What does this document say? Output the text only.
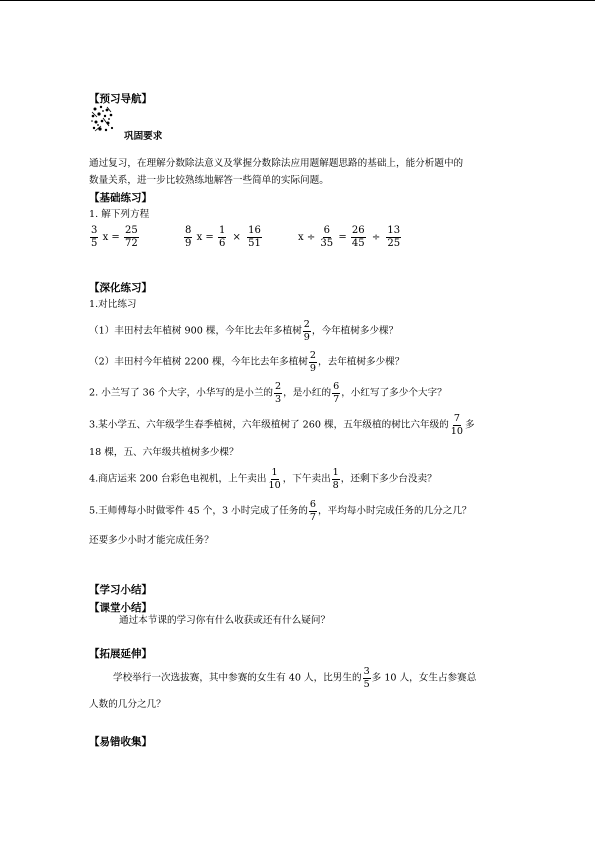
【预习导航】
巩固要求
通过复习，在理解分数除法意义及掌握分数除法应用题解题思路的基础上，能分析题中的
数量关系，进一步比较熟练地解答一些简单的实际问题。
【基础练习】
1. 解下列方程
$\frac{3}{5}$ $x = \frac{25}{72}$	$\frac{8}{9}$ $x = \frac{1}{6} \times \frac{16}{51}$	$x \div \frac{6}{35} = \frac{26}{45} \div \frac{13}{25}$
【深化练习】
1.对比练习
（1）丰田村去年植树 900 棵，今年比去年多植树 $\frac{2}{9}$ ，今年植树多少棵？
（2）丰田村今年植树 2200 棵，今年比去年多植树 $\frac{2}{9}$ ，去年植树多少棵？
2. 小兰写了 36 个大字，小华写的是小兰的 $\frac{2}{3}$ ，是小红的 $\frac{6}{7}$ ，小红写了多少个大字？
3.某小学五、六年级学生春季植树，六年级植树了 260 棵，五年级植的树比六年级的 $\frac{7}{10}$ 多
18 棵，五、六年级共植树多少棵？
4.商店运来 200 台彩色电视机，上午卖出 $\frac{1}{10}$ ，下午卖出 $\frac{1}{8}$ ，还剩下多少台没卖？
5.王师傅每小时做零件 45 个，3 小时完成了任务的 $\frac{6}{7}$ ，平均每小时完成任务的几分之几？
还要多少小时才能完成任务？
【学习小结】
【课堂小结】
通过本节课的学习你有什么收获或还有什么疑问？
【拓展延伸】
学校举行一次选拔赛，其中参赛的女生有 40 人，比男生的 $\frac{3}{5}$ 多 10 人，女生占参赛总
人数的几分之几？
【易错收集】
